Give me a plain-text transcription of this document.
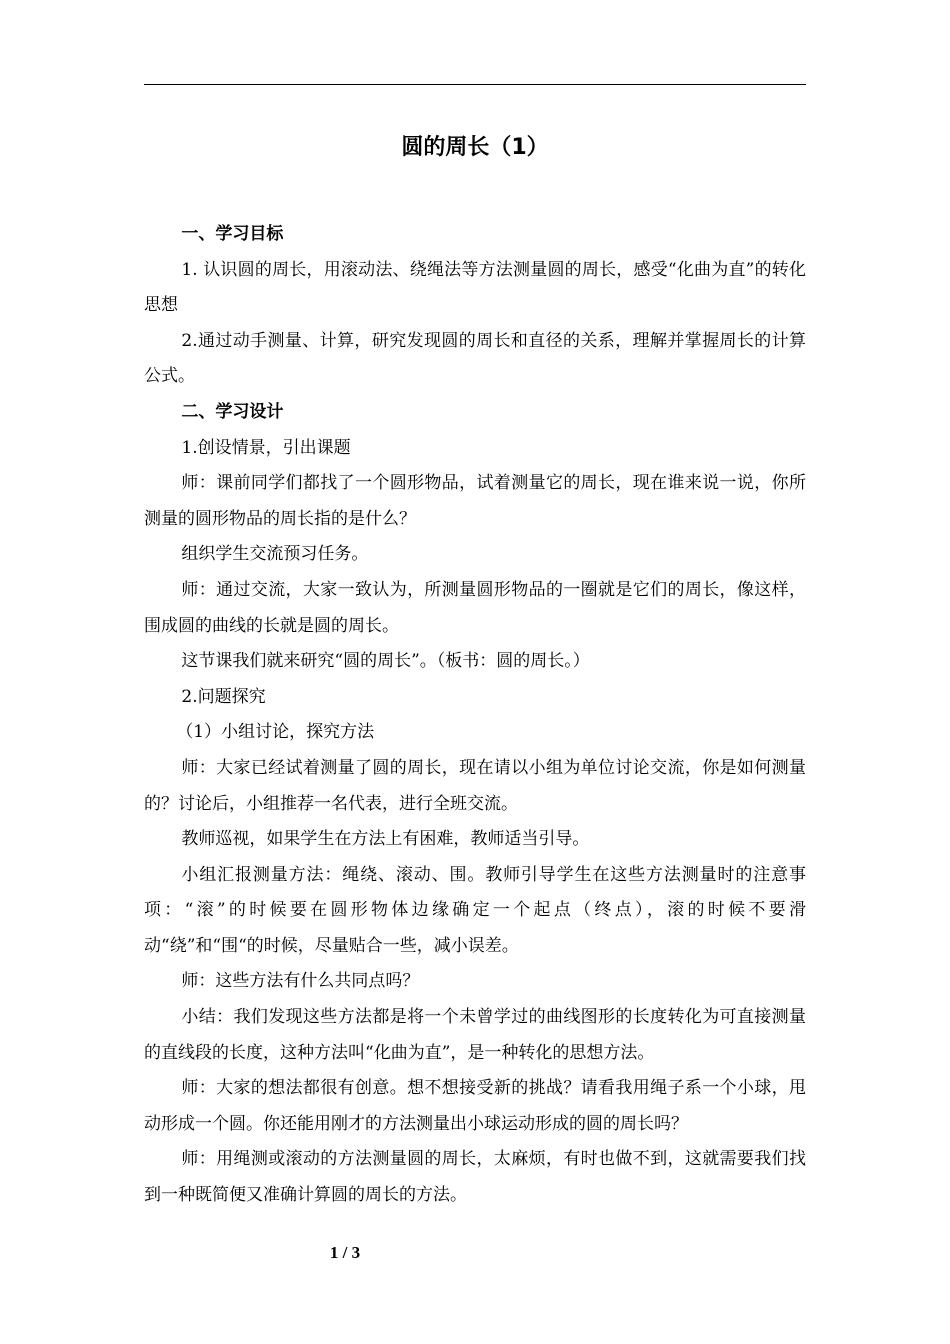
圆的周长（1）

一、学习目标

1. 认识圆的周长，用滚动法、绕绳法等方法测量圆的周长，感受“化曲为直”的转化思想

2.通过动手测量、计算，研究发现圆的周长和直径的关系，理解并掌握周长的计算公式。

二、学习设计

1.创设情景，引出课题

师：课前同学们都找了一个圆形物品，试着测量它的周长，现在谁来说一说，你所测量的圆形物品的周长指的是什么？

组织学生交流预习任务。

师：通过交流，大家一致认为，所测量圆形物品的一圈就是它们的周长，像这样，围成圆的曲线的长就是圆的周长。

这节课我们就来研究“圆的周长”。（板书：圆的周长。）

2.问题探究

（1）小组讨论，探究方法

师：大家已经试着测量了圆的周长，现在请以小组为单位讨论交流，你是如何测量的？讨论后，小组推荐一名代表，进行全班交流。

教师巡视，如果学生在方法上有困难，教师适当引导。

小组汇报测量方法：绳绕、滚动、围。教师引导学生在这些方法测量时的注意事项：“滚”的时候要在圆形物体边缘确定一个起点（终点），滚的时候不要滑动“绕”和“围“的时候，尽量贴合一些，减小误差。

师：这些方法有什么共同点吗？

小结：我们发现这些方法都是将一个未曾学过的曲线图形的长度转化为可直接测量的直线段的长度，这种方法叫“化曲为直”，是一种转化的思想方法。

师：大家的想法都很有创意。想不想接受新的挑战？请看我用绳子系一个小球，甩动形成一个圆。你还能用刚才的方法测量出小球运动形成的圆的周长吗？

师：用绳测或滚动的方法测量圆的周长，太麻烦，有时也做不到，这就需要我们找到一种既简便又准确计算圆的周长的方法。

1 / 3
